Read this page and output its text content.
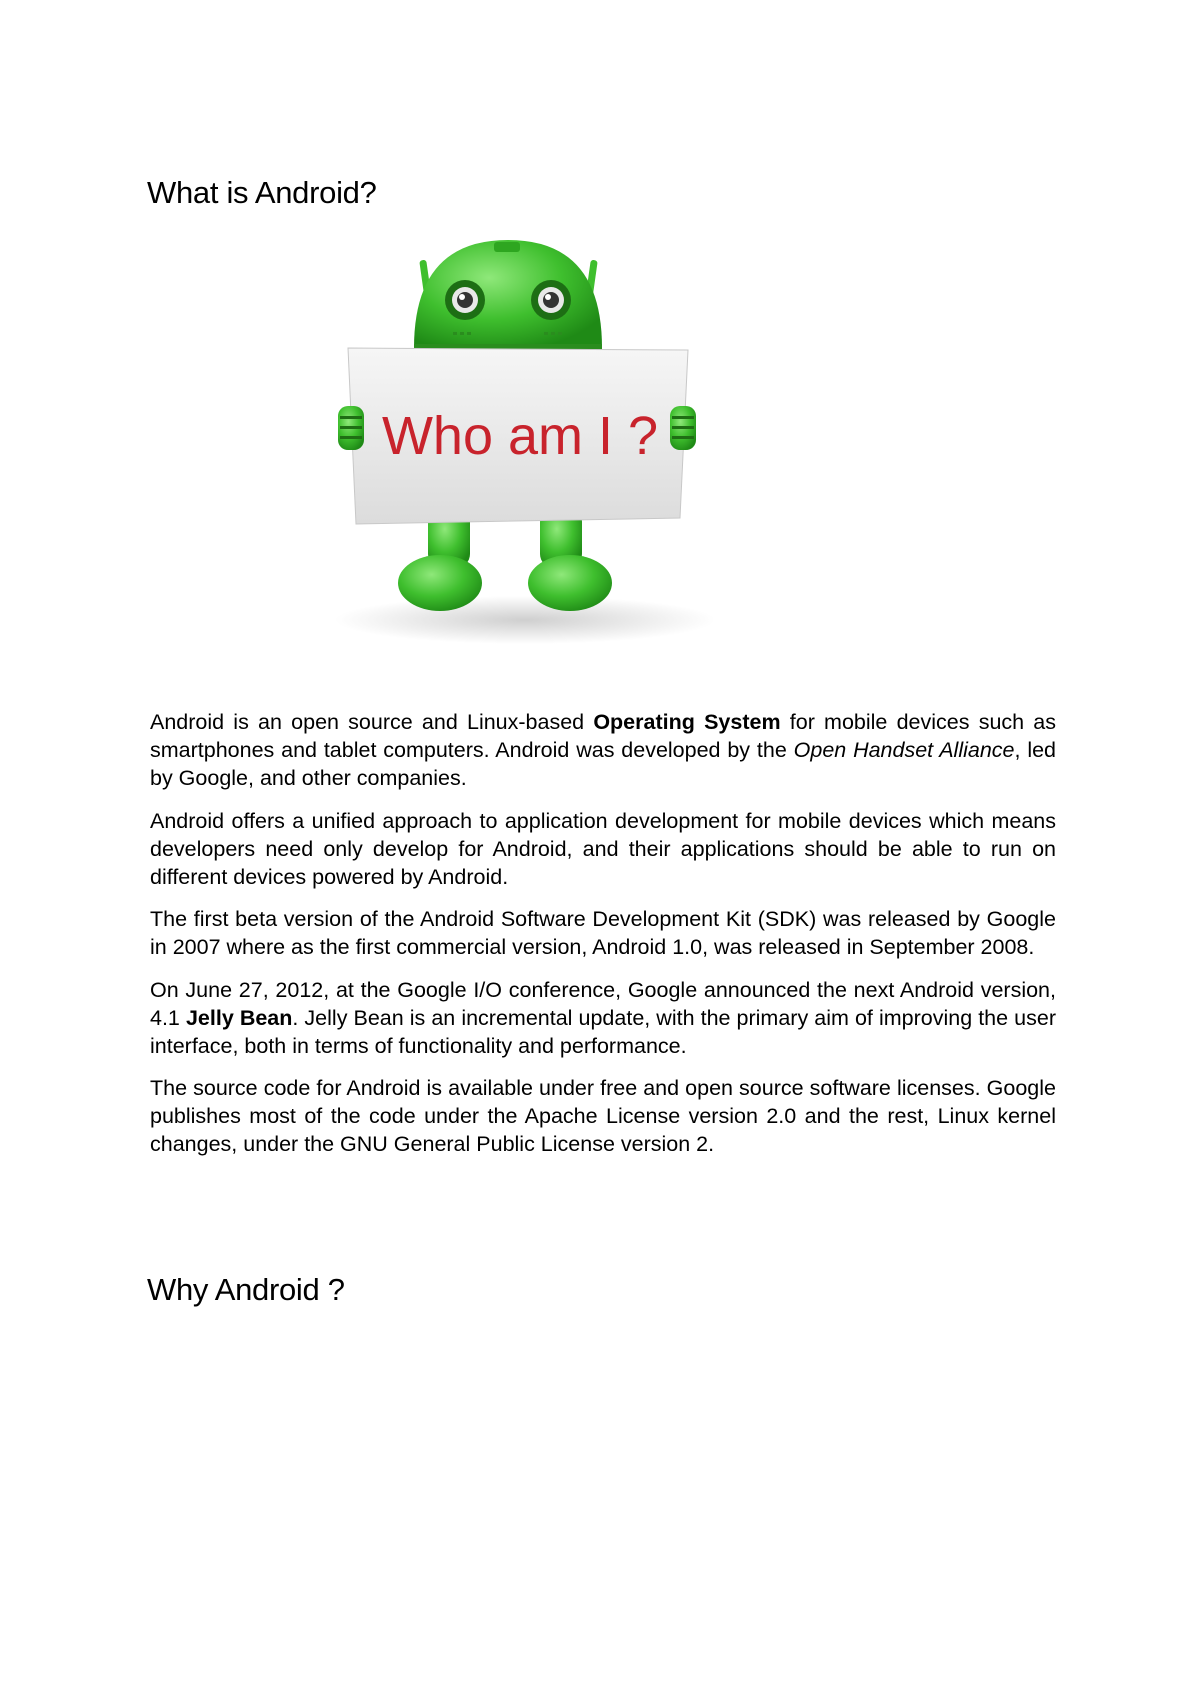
What is Android?
Who am I ?

Android is an open source and Linux-based Operating System for mobile devices such as smartphones and tablet computers. Android was developed by the Open Handset Alliance, led by Google, and other companies.

Android offers a unified approach to application development for mobile devices which means developers need only develop for Android, and their applications should be able to run on different devices powered by Android.

The first beta version of the Android Software Development Kit (SDK) was released by Google in 2007 where as the first commercial version, Android 1.0, was released in September 2008.

On June 27, 2012, at the Google I/O conference, Google announced the next Android version, 4.1 Jelly Bean. Jelly Bean is an incremental update, with the primary aim of improving the user interface, both in terms of functionality and performance.

The source code for Android is available under free and open source software licenses. Google publishes most of the code under the Apache License version 2.0 and the rest, Linux kernel changes, under the GNU General Public License version 2.

Why Android ?
